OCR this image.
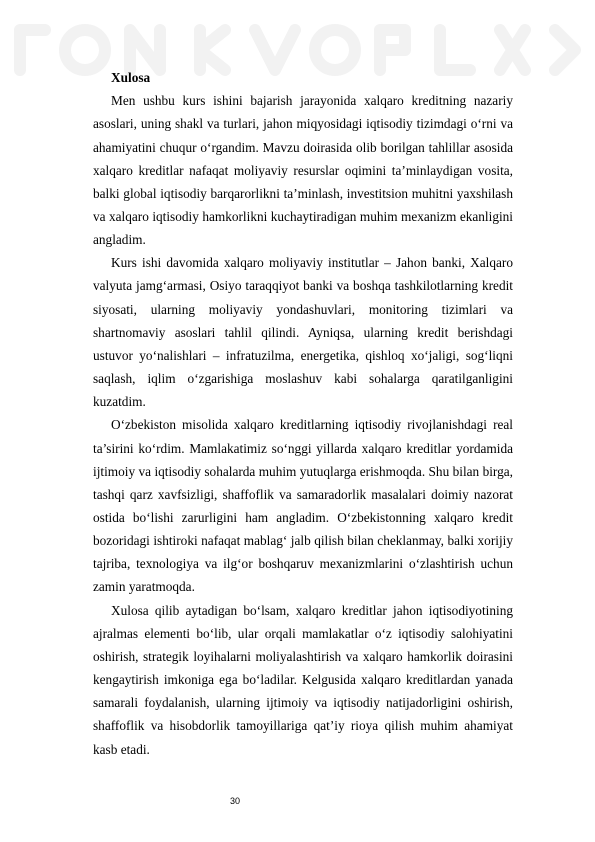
Xulosa

Men ushbu kurs ishini bajarish jarayonida xalqaro kreditning nazariy asoslari, uning shakl va turlari, jahon miqyosidagi iqtisodiy tizimdagi o‘rni va ahamiyatini chuqur o‘rgandim. Mavzu doirasida olib borilgan tahlillar asosida xalqaro kreditlar nafaqat moliyaviy resurslar oqimini ta’minlaydigan vosita, balki global iqtisodiy barqarorlikni ta’minlash, investitsion muhitni yaxshilash va xalqaro iqtisodiy hamkorlikni kuchaytiradigan muhim mexanizm ekanligini angladim.

Kurs ishi davomida xalqaro moliyaviy institutlar – Jahon banki, Xalqaro valyuta jamg‘armasi, Osiyo taraqqiyot banki va boshqa tashkilotlarning kredit siyosati, ularning moliyaviy yondashuvlari, monitoring tizimlari va shartnomaviy asoslari tahlil qilindi. Ayniqsa, ularning kredit berishdagi ustuvor yo‘nalishlari – infratuzilma, energetika, qishloq xo‘jaligi, sog‘liqni saqlash, iqlim o‘zgarishiga moslashuv kabi sohalarga qaratilganligini kuzatdim.

O‘zbekiston misolida xalqaro kreditlarning iqtisodiy rivojlanishdagi real ta’sirini ko‘rdim. Mamlakatimiz so‘nggi yillarda xalqaro kreditlar yordamida ijtimoiy va iqtisodiy sohalarda muhim yutuqlarga erishmoqda. Shu bilan birga, tashqi qarz xavfsizligi, shaffoflik va samaradorlik masalalari doimiy nazorat ostida bo‘lishi zarurligini ham angladim. O‘zbekistonning xalqaro kredit bozoridagi ishtiroki nafaqat mablag‘ jalb qilish bilan cheklanmay, balki xorijiy tajriba, texnologiya va ilg‘or boshqaruv mexanizmlarini o‘zlashtirish uchun zamin yaratmoqda.

Xulosa qilib aytadigan bo‘lsam, xalqaro kreditlar jahon iqtisodiyotining ajralmas elementi bo‘lib, ular orqali mamlakatlar o‘z iqtisodiy salohiyatini oshirish, strategik loyihalarni moliyalashtirish va xalqaro hamkorlik doirasini kengaytirish imkoniga ega bo‘ladilar. Kelgusida xalqaro kreditlardan yanada samarali foydalanish, ularning ijtimoiy va iqtisodiy natijadorligini oshirish, shaffoflik va hisobdorlik tamoyillariga qat’iy rioya qilish muhim ahamiyat kasb etadi.

30
